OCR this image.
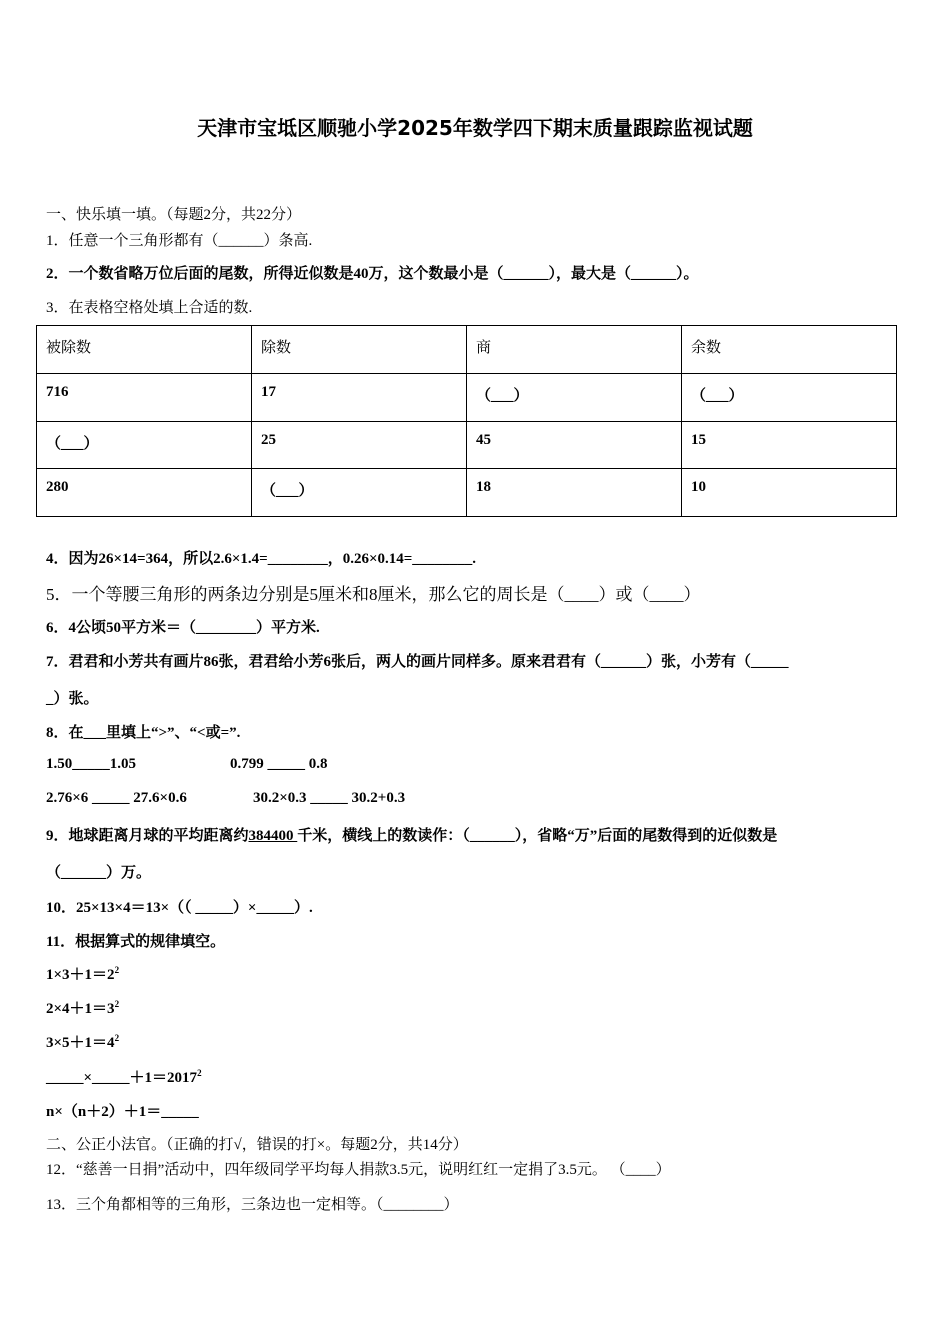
天津市宝坻区顺驰小学2025年数学四下期末质量跟踪监视试题
一、快乐填一填。（每题2分，共22分）
1．任意一个三角形都有（______）条高.
2．一个数省略万位后面的尾数，所得近似数是40万，这个数最小是（______），最大是（______）。
3．在表格空格处填上合适的数.
被除数	除数	商	余数
716	17	（___）	（___）
（___）	25	45	15
280	（___）	18	10
4．因为26×14=364，所以2.6×1.4=________，0.26×0.14=________.
5．一个等腰三角形的两条边分别是5厘米和8厘米，那么它的周长是（____）或（____）
6．4公顷50平方米＝（________）平方米.
7．君君和小芳共有画片86张，君君给小芳6张后，两人的画片同样多。原来君君有（______）张，小芳有（_____
_）张。
8．在___里填上“>”、“<或=”.
1.50_____1.05	0.799 _____ 0.8
2.76×6 _____ 27.6×0.6	30.2×0.3 _____ 30.2+0.3
9．地球距离月球的平均距离约384400 千米，横线上的数读作：（______），省略“万”后面的尾数得到的近似数是
（______）万。
10．25×13×4＝13×（（ _____）×_____）.
11．根据算式的规律填空。
$1\times 3+1=2^2$
$2\times 4+1=3^2$
$3\times 5+1=4^2$
$\_\_\_\_\_\times\_\_\_\_\_+1=2017^2$
n×（n＋2）＋1＝_____
二、公正小法官。（正确的打√，错误的打×。每题2分，共14分）
12．“慈善一日捐”活动中，四年级同学平均每人捐款3.5元，说明红红一定捐了3.5元。 （____）
13．三个角都相等的三角形，三条边也一定相等。（________）
